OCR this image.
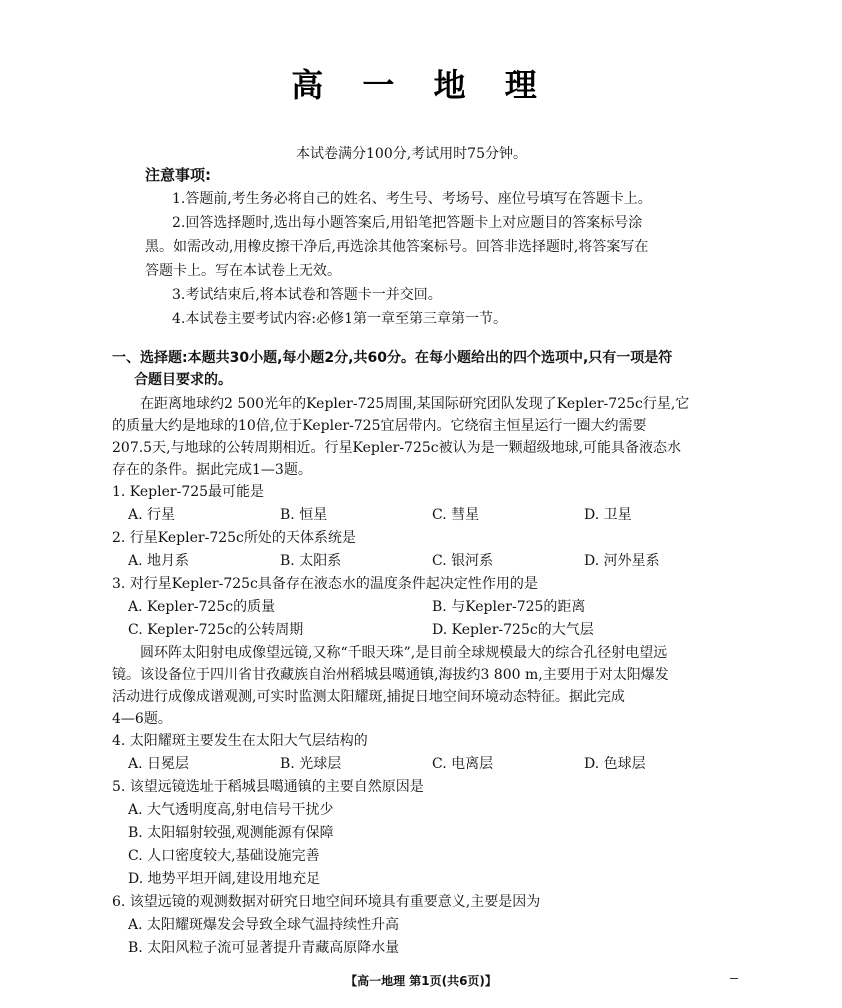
高 一 地 理
本试卷满分100分,考试用时75分钟。
注意事项:
1.答题前,考生务必将自己的姓名、考生号、考场号、座位号填写在答题卡上。
2.回答选择题时,选出每小题答案后,用铅笔把答题卡上对应题目的答案标号涂
黑。如需改动,用橡皮擦干净后,再选涂其他答案标号。回答非选择题时,将答案写在
答题卡上。写在本试卷上无效。
3.考试结束后,将本试卷和答题卡一并交回。
4.本试卷主要考试内容:必修1第一章至第三章第一节。
一、选择题:本题共30小题,每小题2分,共60分。在每小题给出的四个选项中,只有一项是符
合题目要求的。
在距离地球约2 500光年的Kepler-725周围,某国际研究团队发现了Kepler-725c行星,它
的质量大约是地球的10倍,位于Kepler-725宜居带内。它绕宿主恒星运行一圈大约需要
207.5天,与地球的公转周期相近。行星Kepler-725c被认为是一颗超级地球,可能具备液态水
存在的条件。据此完成1—3题。
1. Kepler-725最可能是
A. 行星	B. 恒星	C. 彗星	D. 卫星
2. 行星Kepler-725c所处的天体系统是
A. 地月系	B. 太阳系	C. 银河系	D. 河外星系
3. 对行星Kepler-725c具备存在液态水的温度条件起决定性作用的是
A. Kepler-725c的质量	B. 与Kepler-725的距离
C. Kepler-725c的公转周期	D. Kepler-725c的大气层
圆环阵太阳射电成像望远镜,又称“千眼天珠”,是目前全球规模最大的综合孔径射电望远
镜。该设备位于四川省甘孜藏族自治州稻城县噶通镇,海拔约3 800 m,主要用于对太阳爆发
活动进行成像成谱观测,可实时监测太阳耀斑,捕捉日地空间环境动态特征。据此完成
4—6题。
4. 太阳耀斑主要发生在太阳大气层结构的
A. 日冕层	B. 光球层	C. 电离层	D. 色球层
5. 该望远镜选址于稻城县噶通镇的主要自然原因是
A. 大气透明度高,射电信号干扰少
B. 太阳辐射较强,观测能源有保障
C. 人口密度较大,基础设施完善
D. 地势平坦开阔,建设用地充足
6. 该望远镜的观测数据对研究日地空间环境具有重要意义,主要是因为
A. 太阳耀斑爆发会导致全球气温持续性升高
B. 太阳风粒子流可显著提升青藏高原降水量
【高一地理 第1页(共6页)】
